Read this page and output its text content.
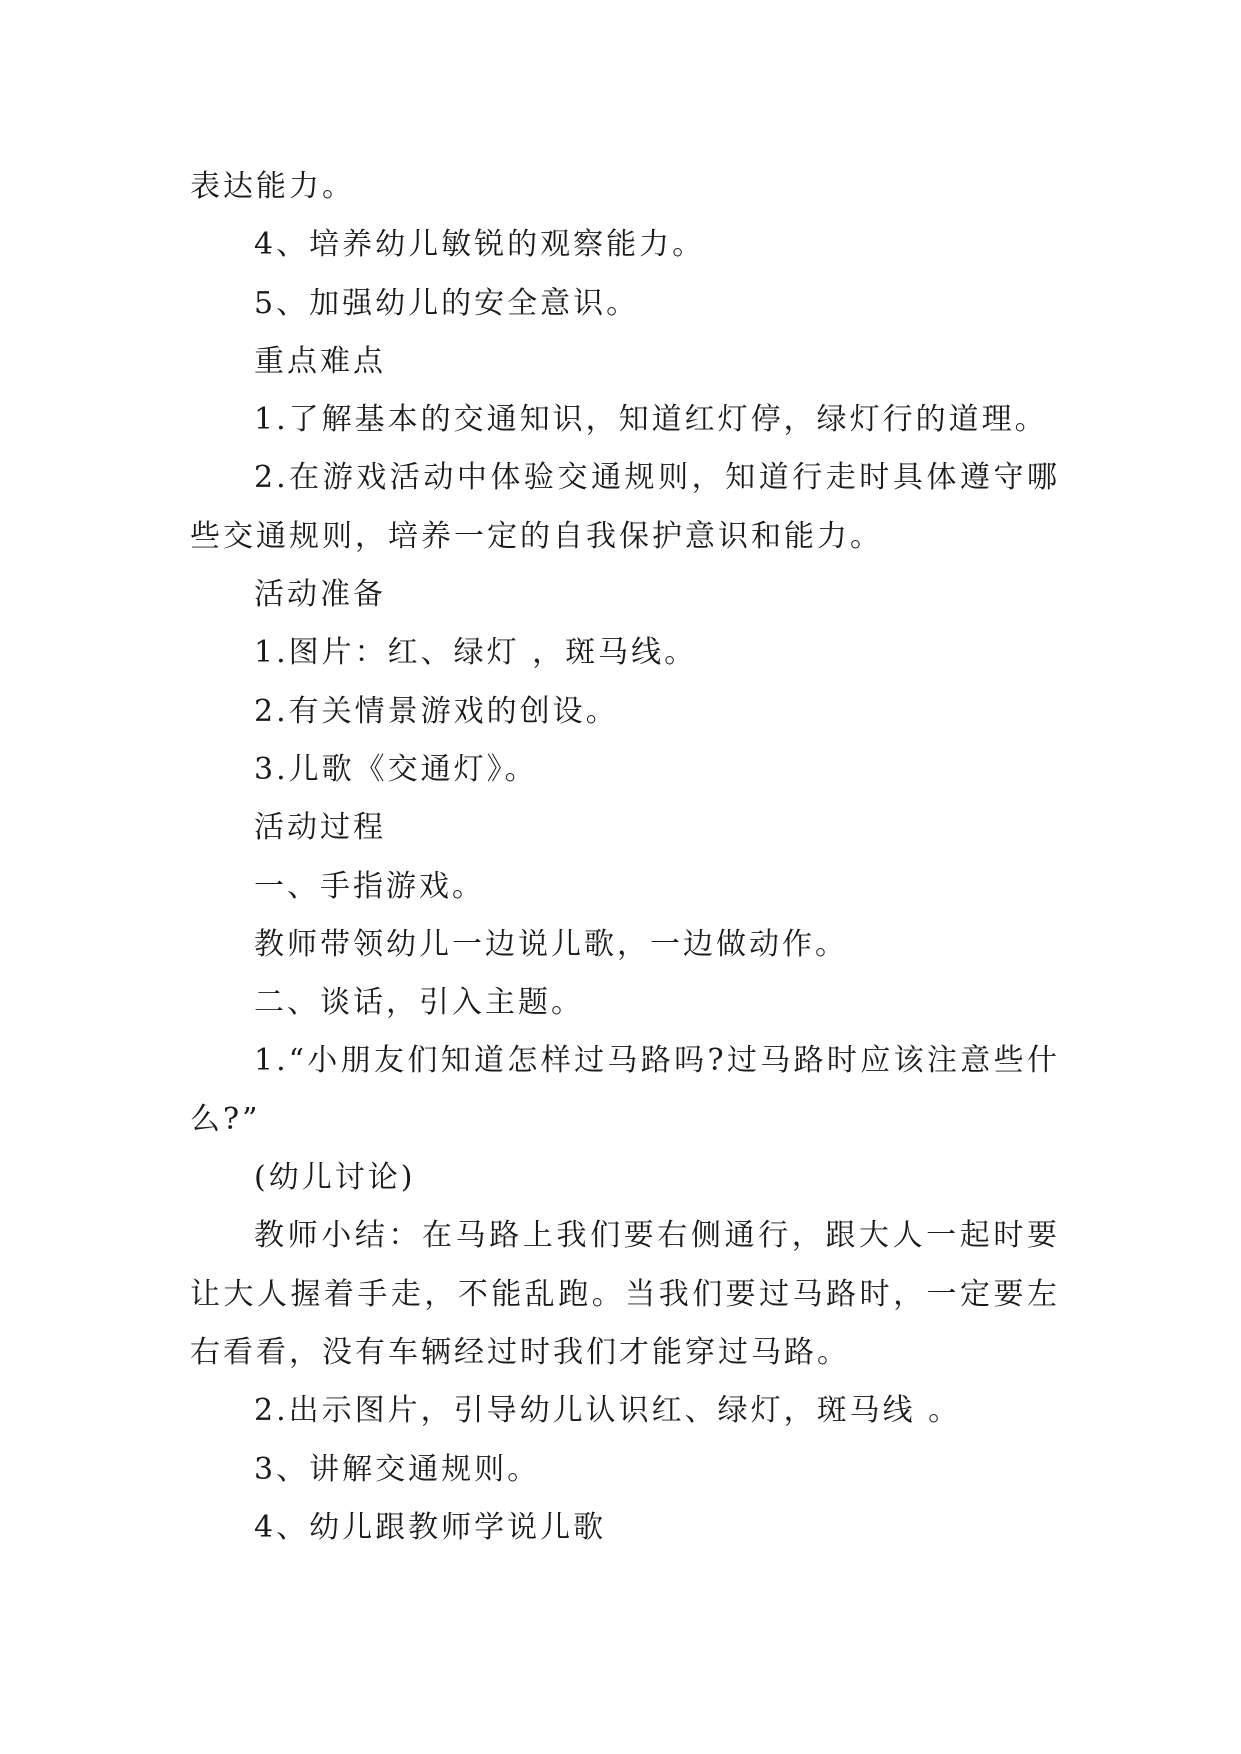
表达能力。

4、培养幼儿敏锐的观察能力。

5、加强幼儿的安全意识。

重点难点

1.了解基本的交通知识，知道红灯停，绿灯行的道理。

2.在游戏活动中体验交通规则，知道行走时具体遵守哪些交通规则，培养一定的自我保护意识和能力。

活动准备

1.图片：红、绿灯 ，斑马线。

2.有关情景游戏的创设。

3.儿歌《交通灯》。

活动过程

一、手指游戏。

教师带领幼儿一边说儿歌，一边做动作。

二、谈话，引入主题。

1.“小朋友们知道怎样过马路吗?过马路时应该注意些什么?”

(幼儿讨论)

教师小结：在马路上我们要右侧通行，跟大人一起时要让大人握着手走，不能乱跑。当我们要过马路时，一定要左右看看，没有车辆经过时我们才能穿过马路。

2.出示图片，引导幼儿认识红、绿灯，斑马线 。

3、讲解交通规则。

4、幼儿跟教师学说儿歌
